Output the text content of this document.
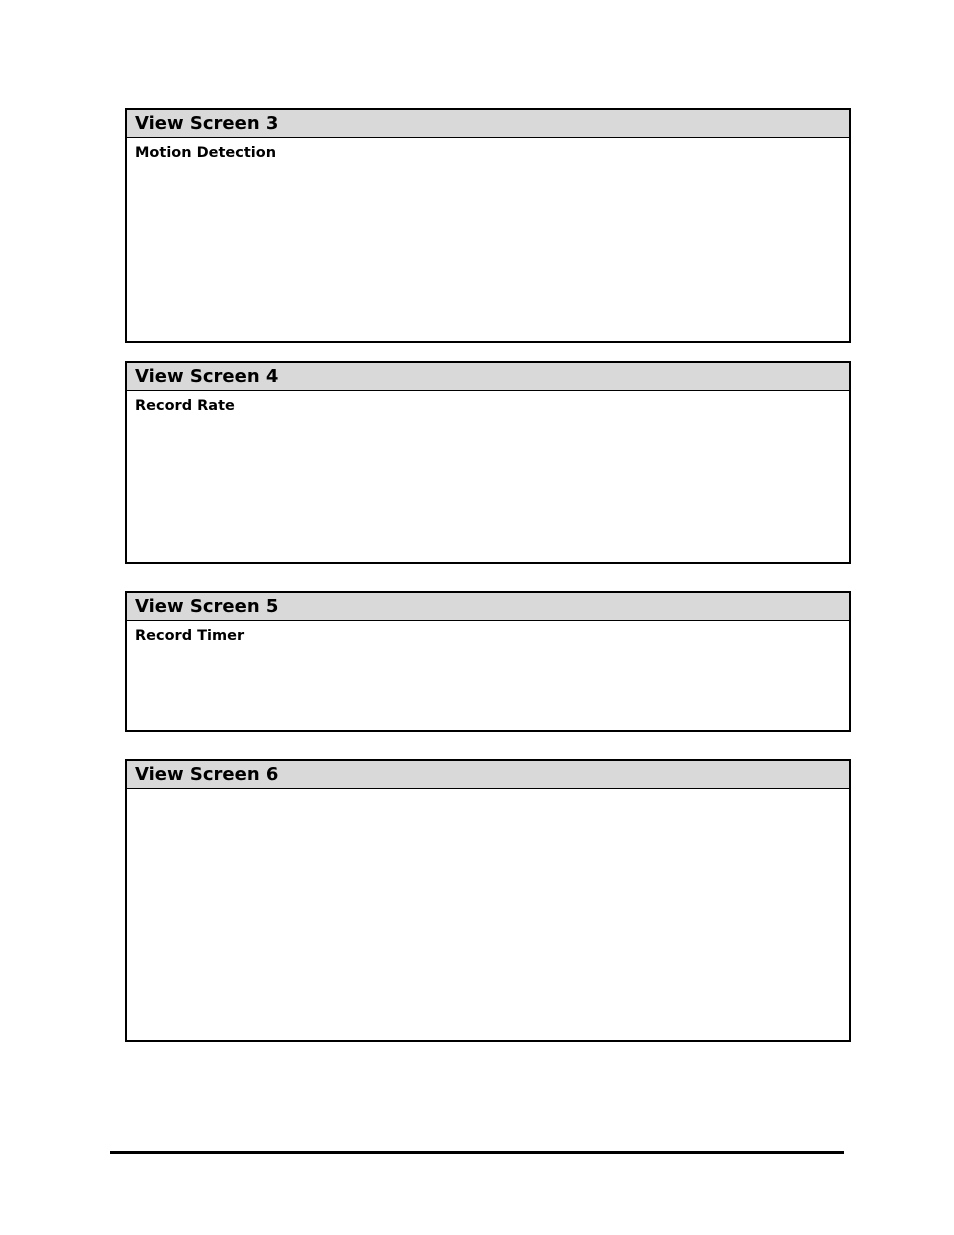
View Screen 3
Motion Detection
View Screen 4
Record Rate
View Screen 5
Record Timer
View Screen 6
